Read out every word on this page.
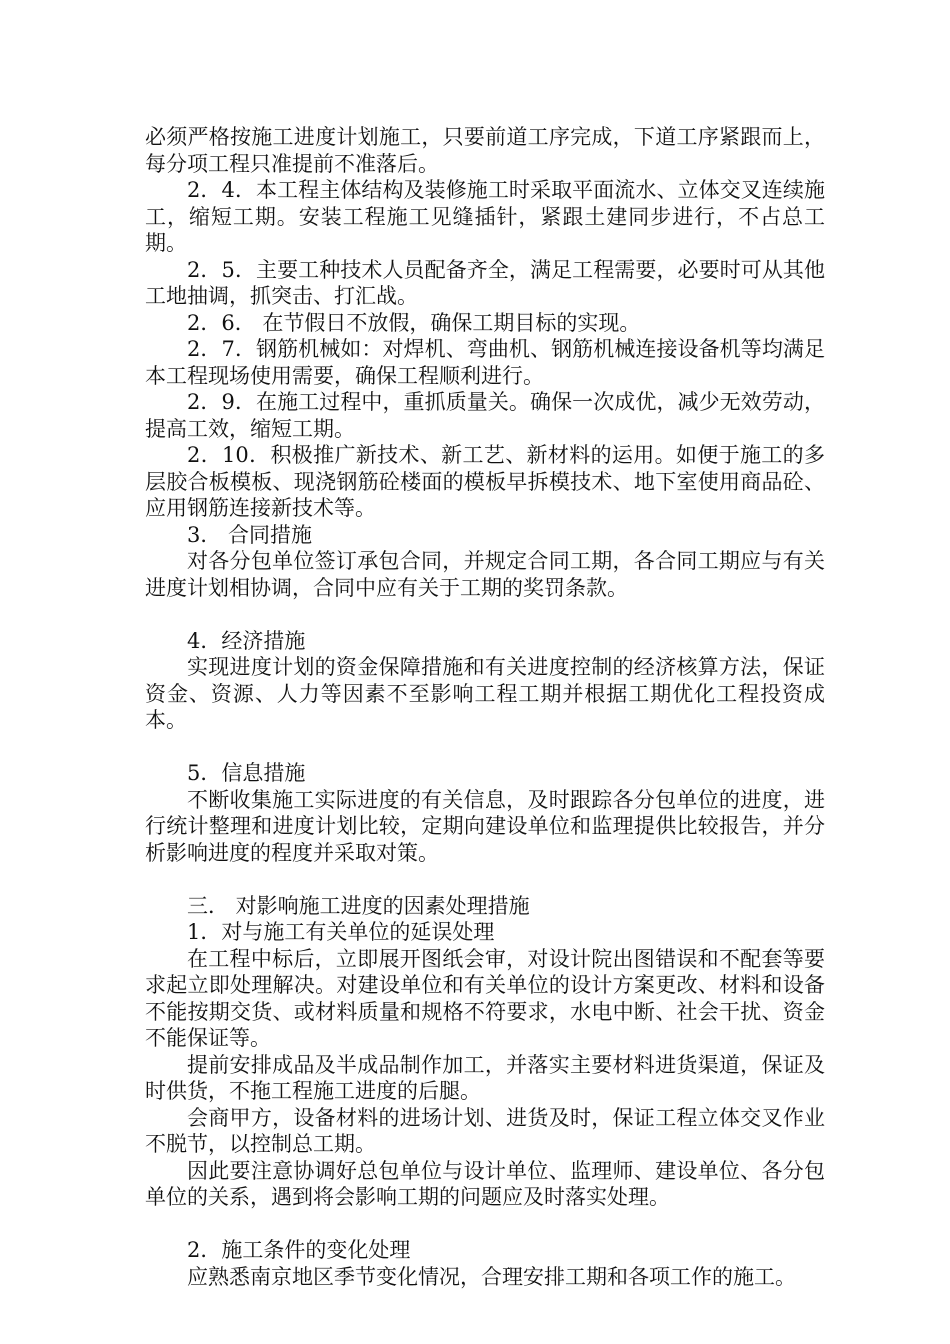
必须严格按施工进度计划施工，只要前道工序完成，下道工序紧跟而上，每分项工程只准提前不准落后。

2．4．本工程主体结构及装修施工时采取平面流水、立体交叉连续施工，缩短工期。安装工程施工见缝插针，紧跟土建同步进行，不占总工期。

2．5．主要工种技术人员配备齐全，满足工程需要，必要时可从其他工地抽调，抓突击、打汇战。

2．6． 在节假日不放假，确保工期目标的实现。

2．7．钢筋机械如：对焊机、弯曲机、钢筋机械连接设备机等均满足本工程现场使用需要，确保工程顺利进行。

2．9．在施工过程中，重抓质量关。确保一次成优，减少无效劳动，提高工效，缩短工期。

2．10．积极推广新技术、新工艺、新材料的运用。如便于施工的多层胶合板模板、现浇钢筋砼楼面的模板早拆模技术、地下室使用商品砼、应用钢筋连接新技术等。

3． 合同措施

对各分包单位签订承包合同，并规定合同工期，各合同工期应与有关进度计划相协调，合同中应有关于工期的奖罚条款。

4．经济措施

实现进度计划的资金保障措施和有关进度控制的经济核算方法，保证资金、资源、人力等因素不至影响工程工期并根据工期优化工程投资成本。

5．信息措施

不断收集施工实际进度的有关信息，及时跟踪各分包单位的进度，进行统计整理和进度计划比较，定期向建设单位和监理提供比较报告，并分析影响进度的程度并采取对策。

三． 对影响施工进度的因素处理措施

1．对与施工有关单位的延误处理

在工程中标后，立即展开图纸会审，对设计院出图错误和不配套等要求起立即处理解决。对建设单位和有关单位的设计方案更改、材料和设备不能按期交货、或材料质量和规格不符要求，水电中断、社会干扰、资金不能保证等。

提前安排成品及半成品制作加工，并落实主要材料进货渠道，保证及时供货，不拖工程施工进度的后腿。

会商甲方，设备材料的进场计划、进货及时，保证工程立体交叉作业不脱节，以控制总工期。

因此要注意协调好总包单位与设计单位、监理师、建设单位、各分包单位的关系，遇到将会影响工期的问题应及时落实处理。

2．施工条件的变化处理

应熟悉南京地区季节变化情况，合理安排工期和各项工作的施工。
